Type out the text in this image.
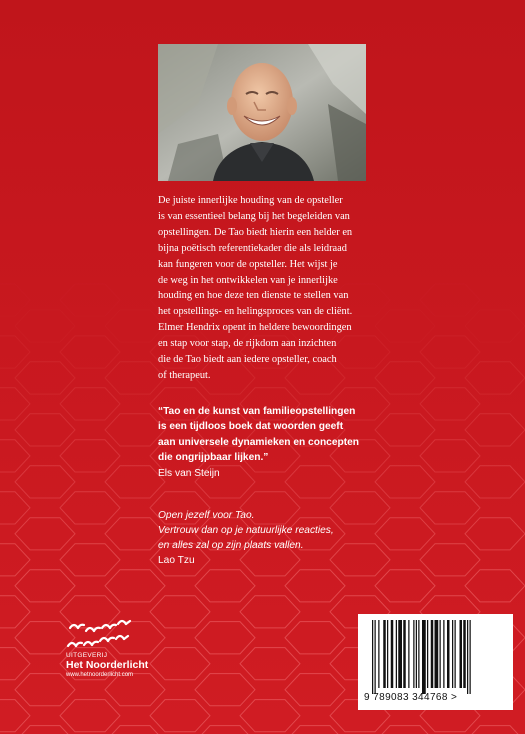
De juiste innerlijke houding van de opsteller
is van essentieel belang bij het begeleiden van
opstellingen. De Tao biedt hierin een helder en
bijna poëtisch referentiekader die als leidraad
kan fungeren voor de opsteller. Het wijst je
de weg in het ontwikkelen van je innerlijke
houding en hoe deze ten dienste te stellen van
het opstellings- en helingsproces van de cliënt.
Elmer Hendrix opent in heldere bewoordingen
en stap voor stap, de rijkdom aan inzichten
die de Tao biedt aan iedere opsteller, coach
of therapeut.
“Tao en de kunst van familieopstellingen
is een tijdloos boek dat woorden geeft
aan universele dynamieken en concepten
die ongrijpbaar lijken.”
Els van Steijn
Open jezelf voor Tao.
Vertrouw dan op je natuurlijke reacties,
en alles zal op zijn plaats vallen.
Lao Tzu
UITGEVERIJ
Het Noorderlicht
www.hetnoorderlicht.com
9 789083 344768 >
